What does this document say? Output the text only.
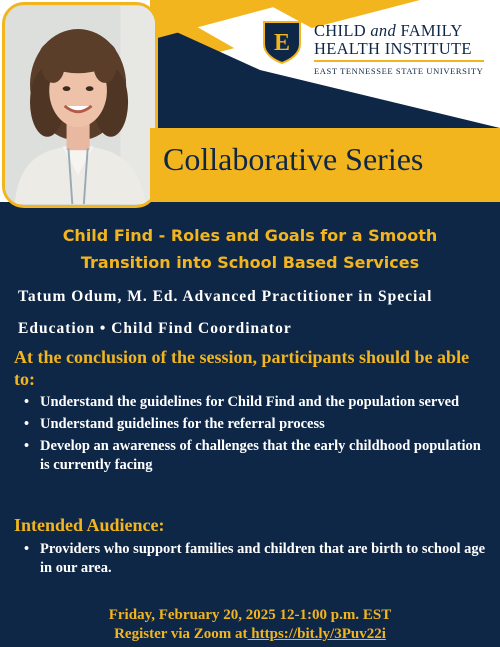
E CHILD and FAMILY
HEALTH INSTITUTE
EAST TENNESSEE STATE UNIVERSITY
Collaborative Series
Child Find - Roles and Goals for a Smooth
Transition into School Based Services
Tatum Odum, M. Ed. Advanced Practitioner in Special Education • Child Find Coordinator
At the conclusion of the session, participants should be able to:
• Understand the guidelines for Child Find and the population served
• Understand guidelines for the referral process
• Develop an awareness of challenges that the early childhood population is currently facing
Intended Audience:
• Providers who support families and children that are birth to school age in our area.
Friday, February 20, 2025 12-1:00 p.m. EST
Register via Zoom at https://bit.ly/3Puv22i
